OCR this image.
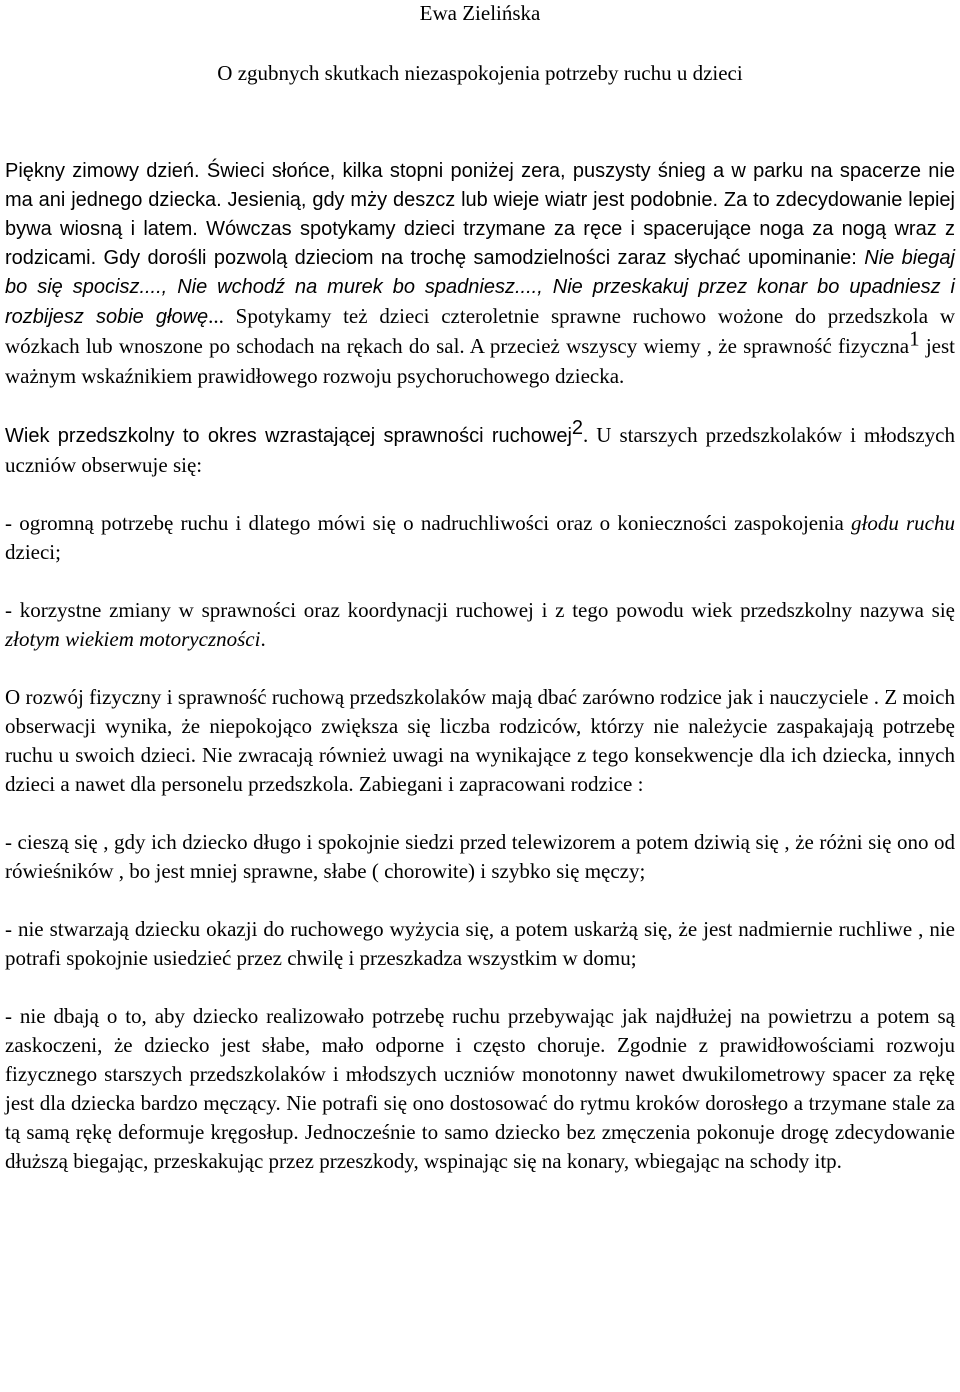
Ewa Zielińska

O zgubnych skutkach niezaspokojenia potrzeby ruchu u dzieci

Piękny zimowy dzień. Świeci słońce, kilka stopni poniżej zera, puszysty śnieg a w parku na spacerze nie ma ani jednego dziecka. Jesienią, gdy mży deszcz lub wieje wiatr jest podobnie. Za to zdecydowanie lepiej bywa wiosną i latem. Wówczas spotykamy dzieci trzymane za ręce i spacerujące noga za nogą wraz z rodzicami. Gdy dorośli pozwolą dzieciom na trochę samodzielności zaraz słychać upominanie: Nie biegaj bo się spocisz...., Nie wchodź na murek bo spadniesz...., Nie przeskakuj przez konar bo upadniesz i rozbijesz sobie głowę... Spotykamy też dzieci czteroletnie sprawne ruchowo wożone do przedszkola w wózkach lub wnoszone po schodach na rękach do sal. A przecież wszyscy wiemy , że sprawność fizyczna$^1$ jest ważnym wskaźnikiem prawidłowego rozwoju psychoruchowego dziecka.

Wiek przedszkolny to okres wzrastającej sprawności ruchowej$^2$. U starszych przedszkolaków i młodszych uczniów obserwuje się:

- ogromną potrzebę ruchu i dlatego mówi się o nadruchliwości oraz o konieczności zaspokojenia głodu ruchu dzieci;

- korzystne zmiany w sprawności oraz koordynacji ruchowej i z tego powodu wiek przedszkolny nazywa się złotym wiekiem motoryczności.

O rozwój fizyczny i sprawność ruchową przedszkolaków mają dbać zarówno rodzice jak i nauczyciele . Z moich obserwacji wynika, że niepokojąco zwiększa się liczba rodziców, którzy nie należycie zaspakajają potrzebę ruchu u swoich dzieci. Nie zwracają również uwagi na wynikające z tego konsekwencje dla ich dziecka, innych dzieci a nawet dla personelu przedszkola. Zabiegani i zapracowani rodzice :

- cieszą się , gdy ich dziecko długo i spokojnie siedzi przed telewizorem a potem dziwią się , że różni się ono od rówieśników , bo jest mniej sprawne, słabe ( chorowite) i szybko się męczy;

- nie stwarzają dziecku okazji do ruchowego wyżycia się, a potem uskarżą się, że jest nadmiernie ruchliwe , nie potrafi spokojnie usiedzieć przez chwilę i przeszkadza wszystkim w domu;

- nie dbają o to, aby dziecko realizowało potrzebę ruchu przebywając jak najdłużej na powietrzu a potem są zaskoczeni, że dziecko jest słabe, mało odporne i często choruje. Zgodnie z prawidłowościami rozwoju fizycznego starszych przedszkolaków i młodszych uczniów monotonny nawet dwukilometrowy spacer za rękę jest dla dziecka bardzo męczący. Nie potrafi się ono dostosować do rytmu kroków dorosłego a trzymane stale za tą samą rękę deformuje kręgosłup. Jednocześnie to samo dziecko bez zmęczenia pokonuje drogę zdecydowanie dłuższą biegając, przeskakując przez przeszkody, wspinając się na konary, wbiegając na schody itp.
